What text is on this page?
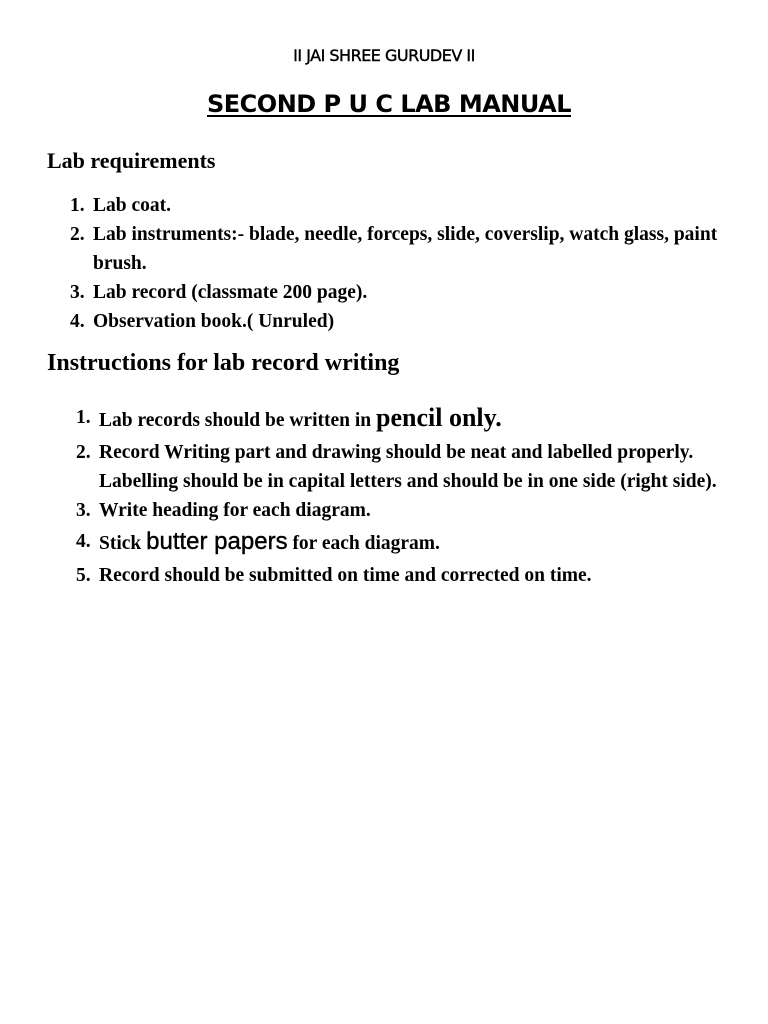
II JAI SHREE GURUDEV II
SECOND P U C LAB MANUAL
Lab requirements
1. Lab coat.
2. Lab instruments:- blade, needle, forceps, slide, coverslip, watch glass, paint brush.
3. Lab record (classmate 200 page).
4. Observation book.( Unruled)
Instructions for lab record writing
1. Lab records should be written in pencil only.
2. Record Writing part and drawing should be neat and labelled properly. Labelling should be in capital letters and should be in one side (right side).
3. Write heading for each diagram.
4. Stick butter papers for each diagram.
5. Record should be submitted on time and corrected on time.
